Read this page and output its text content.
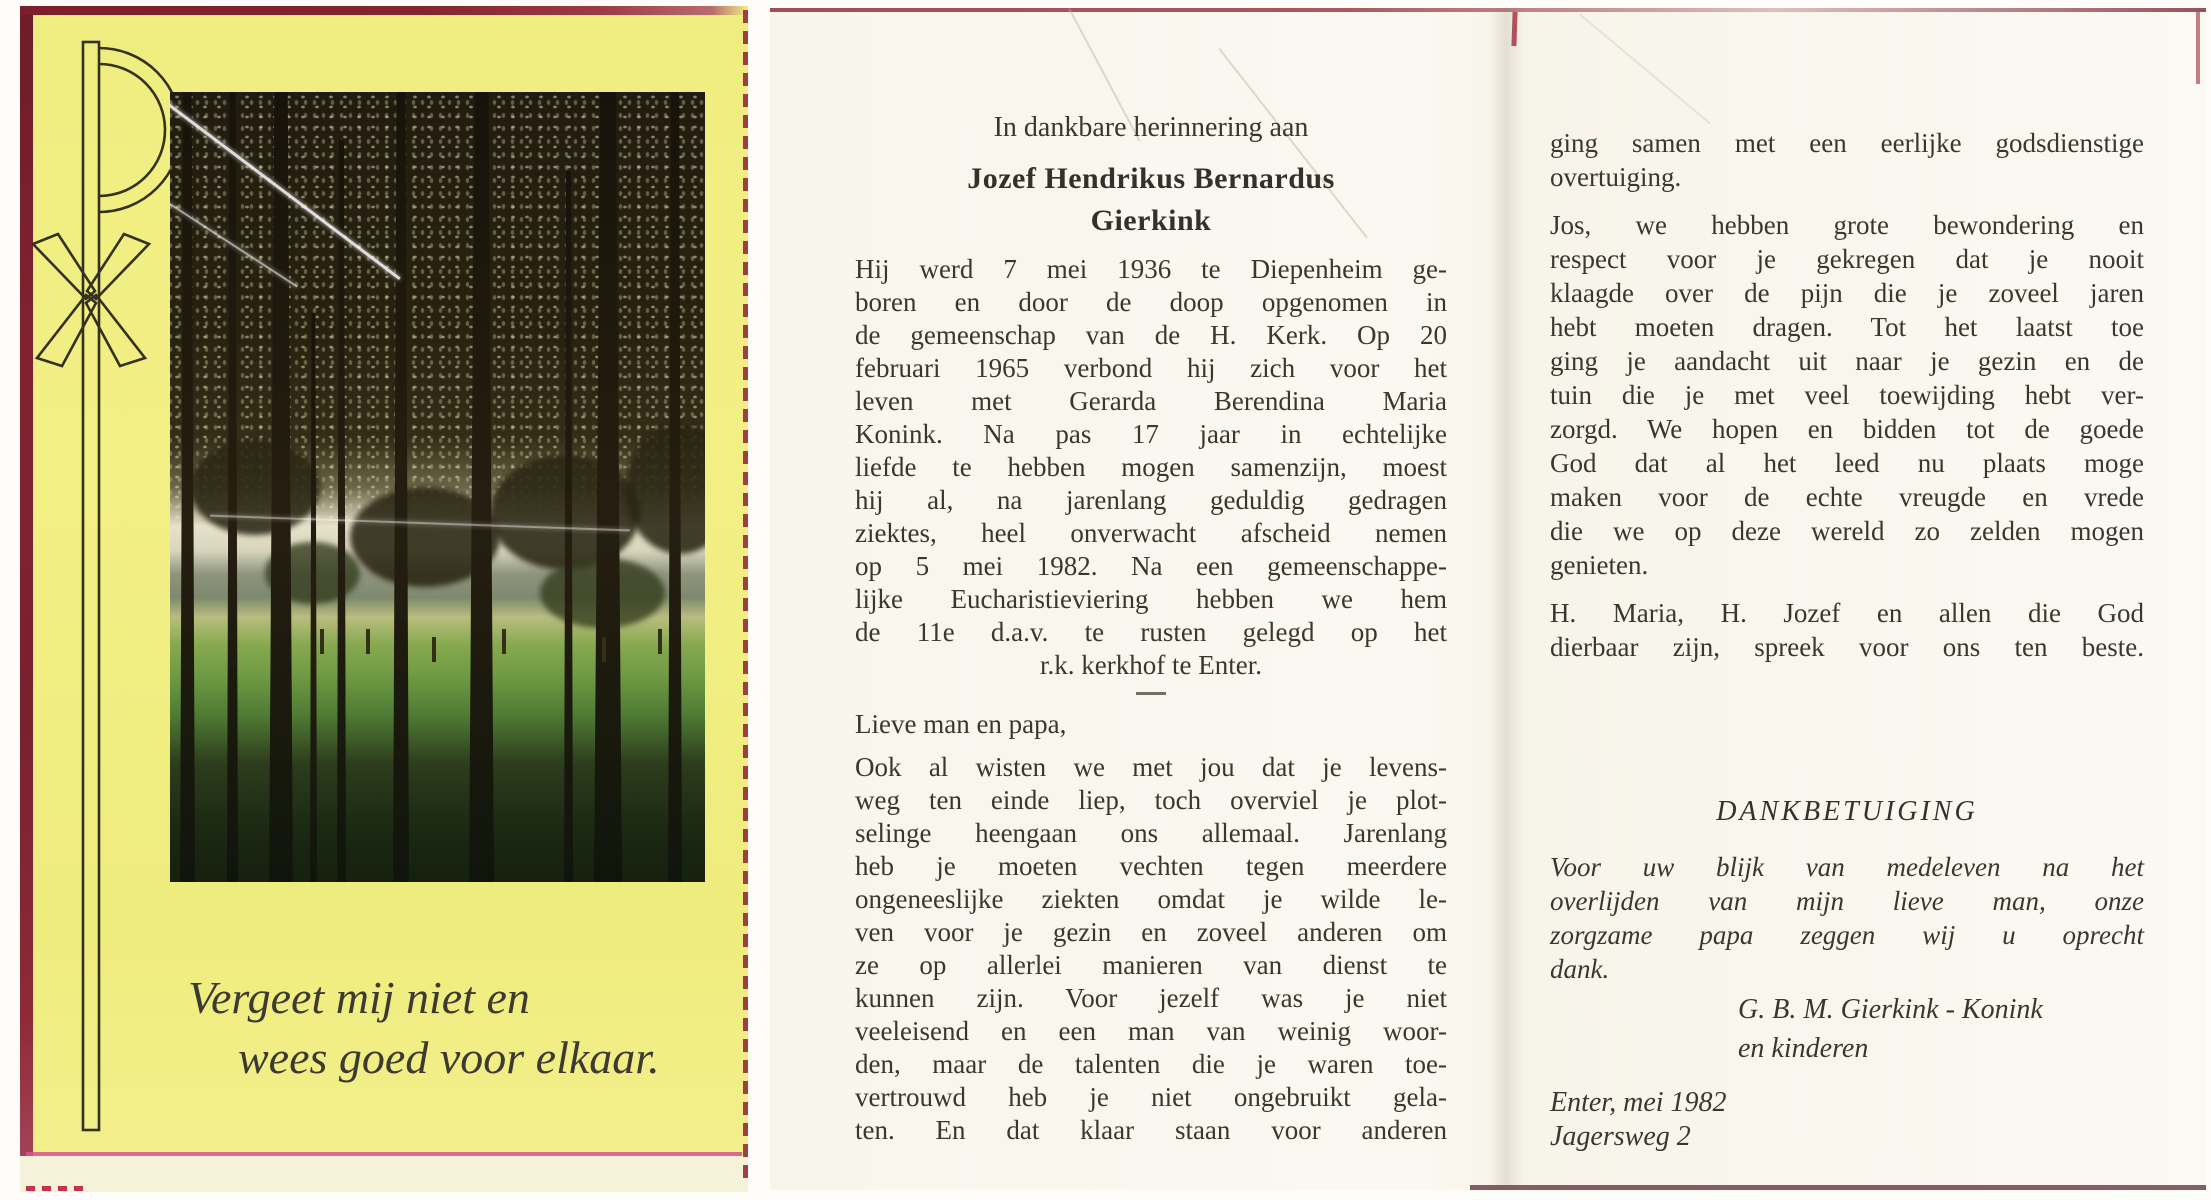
Vergeet mij niet en
wees goed voor elkaar.
In dankbare herinnering aan
Jozef Hendrikus Bernardus
Gierkink
Hij werd 7 mei 1936 te Diepenheim ge-
boren en door de doop opgenomen in
de gemeenschap van de H. Kerk. Op 20
februari 1965 verbond hij zich voor het
leven met Gerarda Berendina Maria
Konink. Na pas 17 jaar in echtelijke
liefde te hebben mogen samenzijn, moest
hij al, na jarenlang geduldig gedragen
ziektes, heel onverwacht afscheid nemen
op 5 mei 1982. Na een gemeenschappe-
lijke Eucharistieviering hebben we hem
de 11e d.a.v. te rusten gelegd op het
r.k. kerkhof te Enter.
Lieve man en papa,
Ook al wisten we met jou dat je levens-
weg ten einde liep, toch overviel je plot-
selinge heengaan ons allemaal. Jarenlang
heb je moeten vechten tegen meerdere
ongeneeslijke ziekten omdat je wilde le-
ven voor je gezin en zoveel anderen om
ze op allerlei manieren van dienst te
kunnen zijn. Voor jezelf was je niet
veeleisend en een man van weinig woor-
den, maar de talenten die je waren toe-
vertrouwd heb je niet ongebruikt gela-
ten. En dat klaar staan voor anderen
ging samen met een eerlijke godsdienstige
overtuiging.
Jos, we hebben grote bewondering en
respect voor je gekregen dat je nooit
klaagde over de pijn die je zoveel jaren
hebt moeten dragen. Tot het laatst toe
ging je aandacht uit naar je gezin en de
tuin die je met veel toewijding hebt ver-
zorgd. We hopen en bidden tot de goede
God dat al het leed nu plaats moge
maken voor de echte vreugde en vrede
die we op deze wereld zo zelden mogen
genieten.
H. Maria, H. Jozef en allen die God
dierbaar zijn, spreek voor ons ten beste.
DANKBETUIGING
Voor uw blijk van medeleven na het
overlijden van mijn lieve man, onze
zorgzame papa zeggen wij u oprecht
dank.
G. B. M. Gierkink - Konink
en kinderen
Enter, mei 1982
Jagersweg 2
